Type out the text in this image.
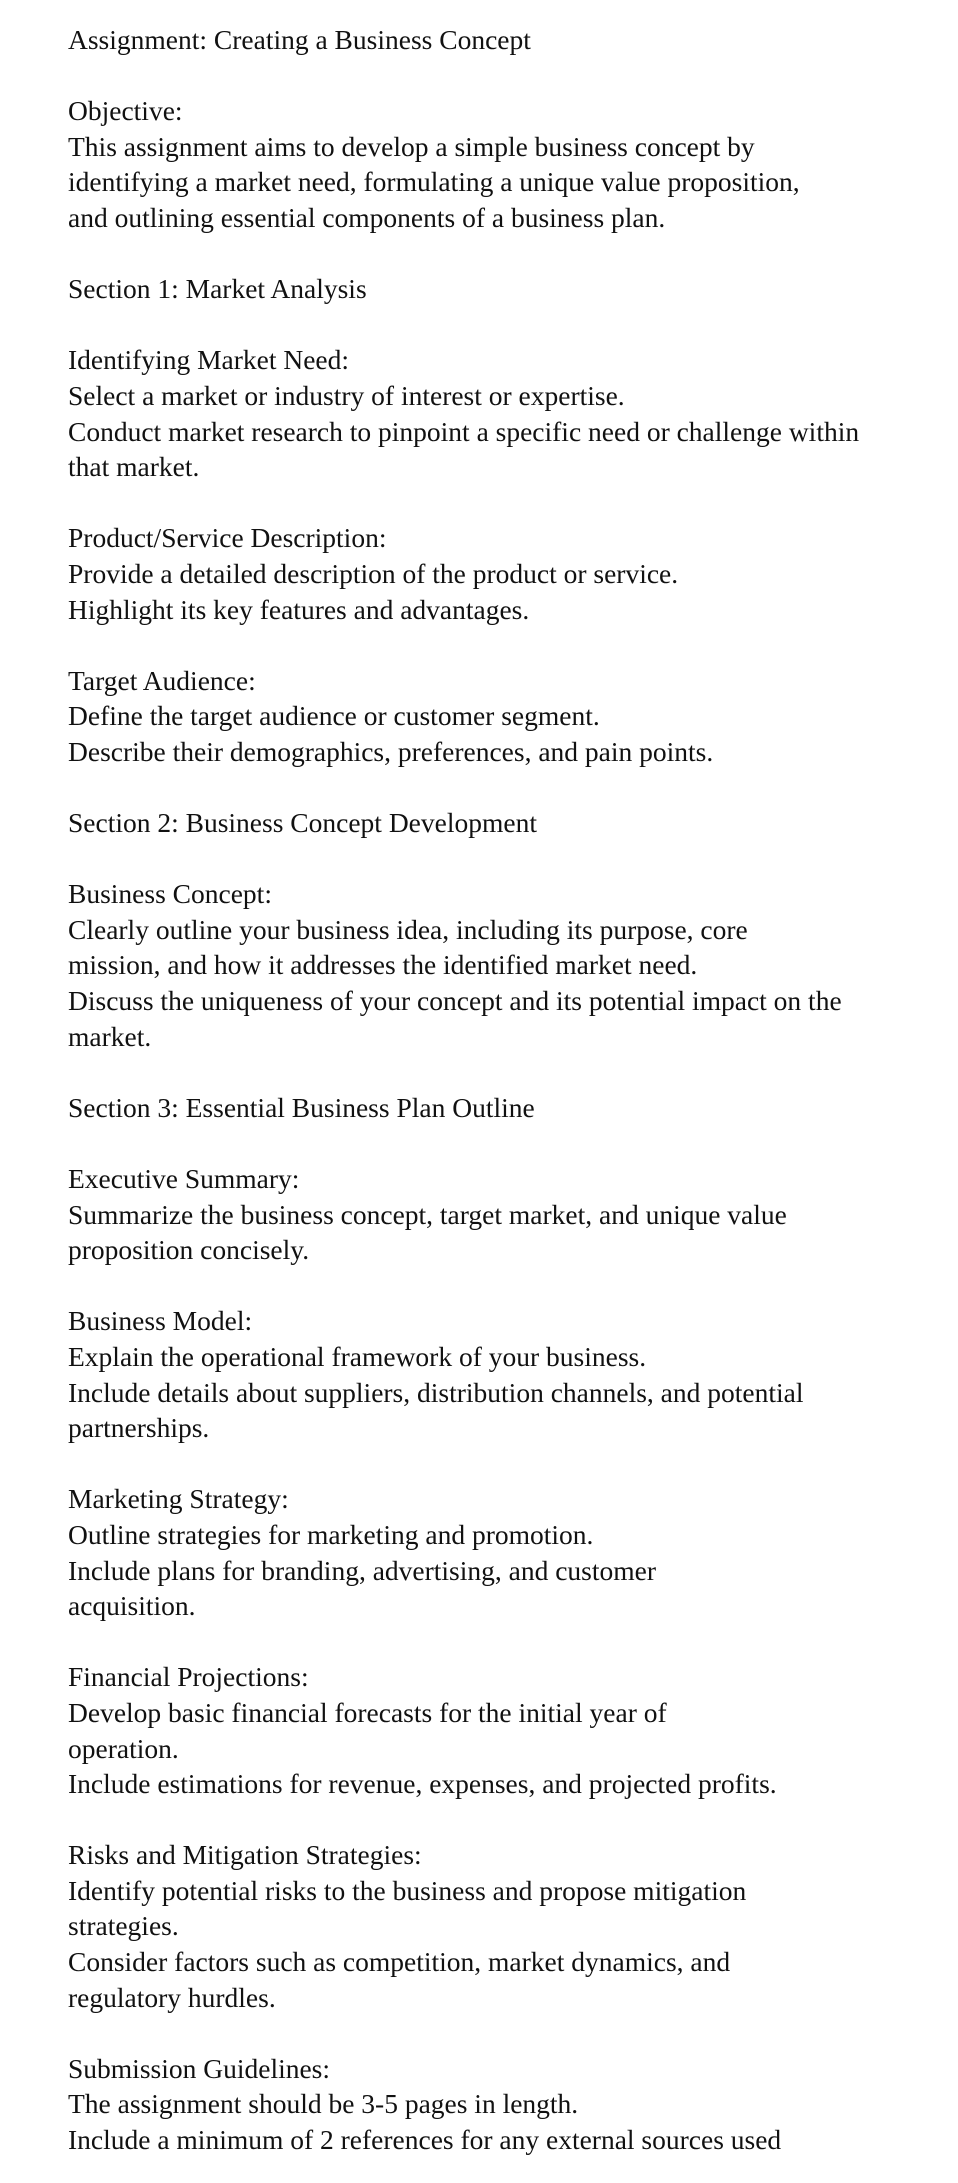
Assignment: Creating a Business Concept

Objective:

This assignment aims to develop a simple business concept by identifying a market need, formulating a unique value proposition, and outlining essential components of a business plan.

Section 1: Market Analysis

Identifying Market Need:

Select a market or industry of interest or expertise.

Conduct market research to pinpoint a specific need or challenge within that market.

Product/Service Description:

Provide a detailed description of the product or service.

Highlight its key features and advantages.

Target Audience:

Define the target audience or customer segment.

Describe their demographics, preferences, and pain points.

Section 2: Business Concept Development

Business Concept:

Clearly outline your business idea, including its purpose, core mission, and how it addresses the identified market need.

Discuss the uniqueness of your concept and its potential impact on the market.

Section 3: Essential Business Plan Outline

Executive Summary:

Summarize the business concept, target market, and unique value proposition concisely.

Business Model:

Explain the operational framework of your business.

Include details about suppliers, distribution channels, and potential partnerships.

Marketing Strategy:

Outline strategies for marketing and promotion.

Include plans for branding, advertising, and customer acquisition.

Financial Projections:

Develop basic financial forecasts for the initial year of operation.

Include estimations for revenue, expenses, and projected profits.

Risks and Mitigation Strategies:

Identify potential risks to the business and propose mitigation strategies.

Consider factors such as competition, market dynamics, and regulatory hurdles.

Submission Guidelines:

The assignment should be 3-5 pages in length.

Include a minimum of 2 references for any external sources used
